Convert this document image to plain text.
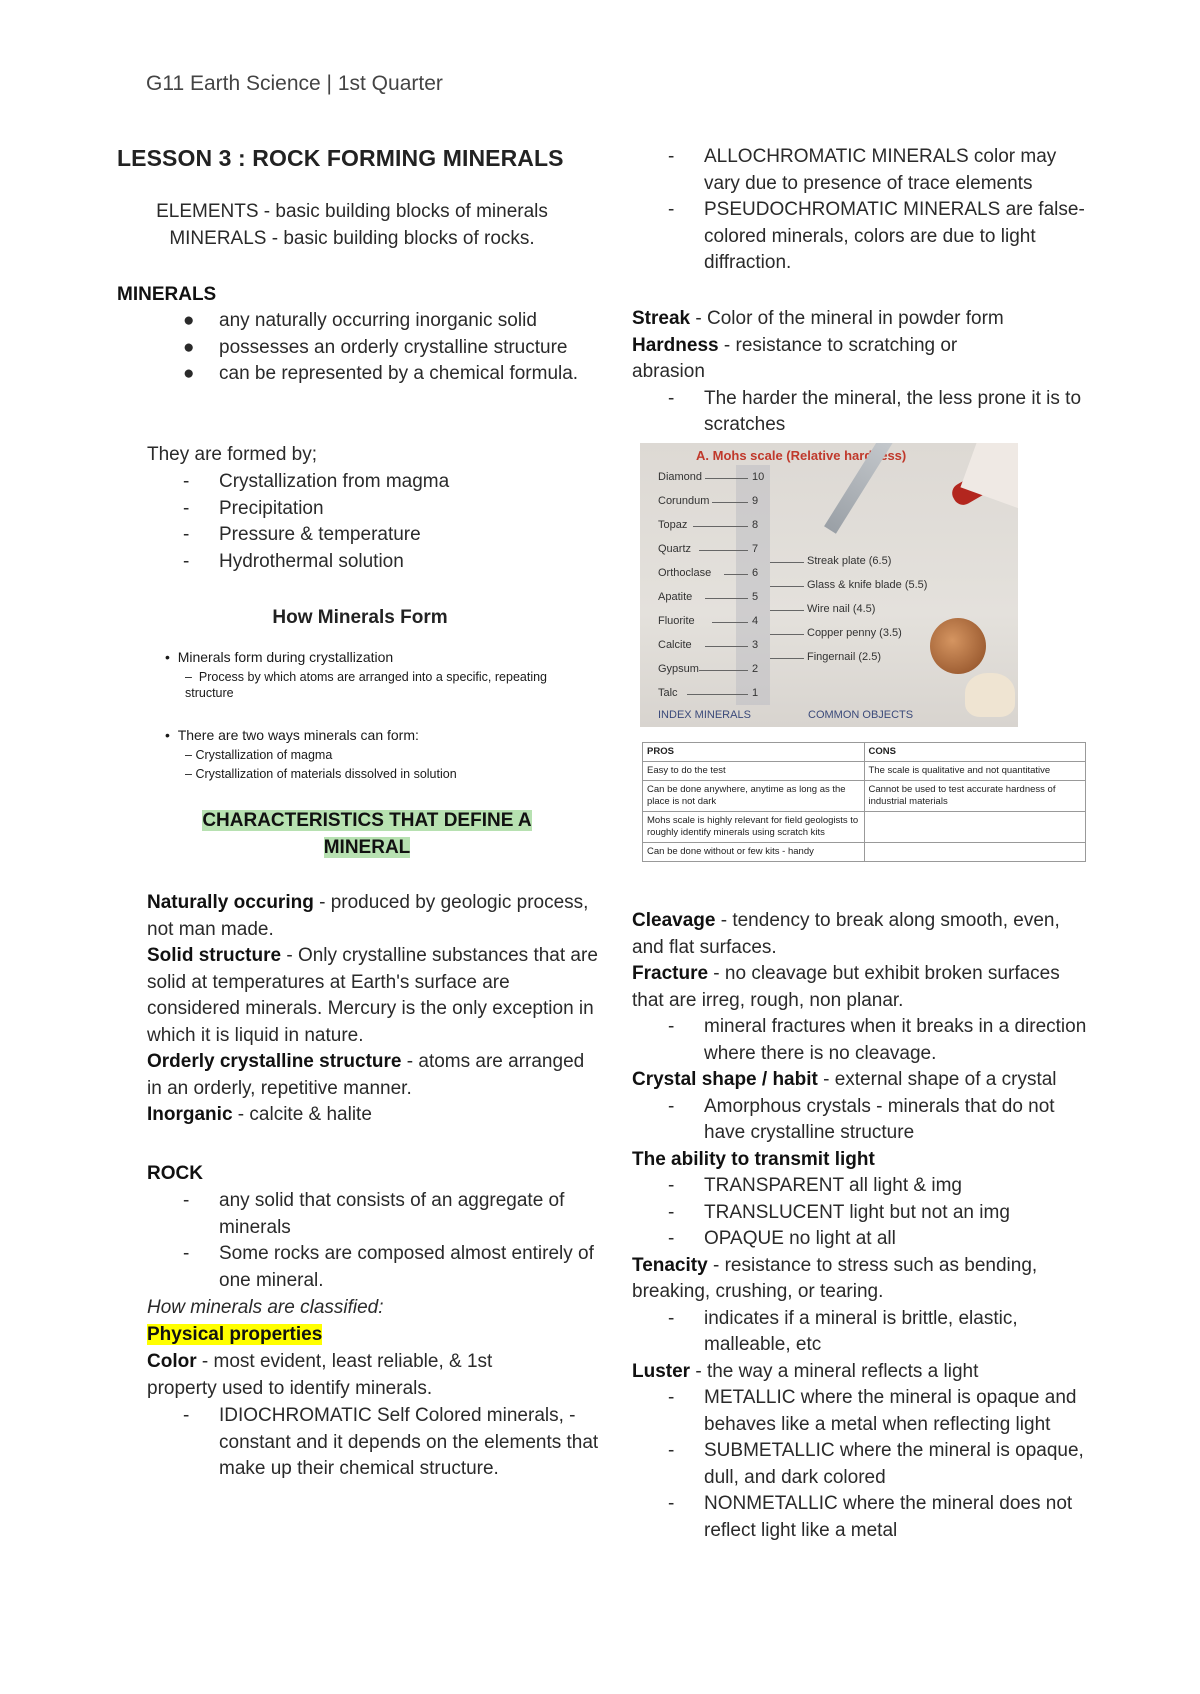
G11 Earth Science | 1st Quarter
LESSON 3 : ROCK FORMING MINERALS
ELEMENTS - basic building blocks of minerals
MINERALS - basic building blocks of rocks.
MINERALS
● any naturally occurring inorganic solid
● possesses an orderly crystalline structure
● can be represented by a chemical formula.
They are formed by;
- Crystallization from magma
- Precipitation
- Pressure & temperature
- Hydrothermal solution
How Minerals Form
•  Minerals form during crystallization
–  Process by which atoms are arranged into a specific, repeating structure
•  There are two ways minerals can form:
– Crystallization of magma
– Crystallization of materials dissolved in solution
CHARACTERISTICS THAT DEFINE A
MINERAL
Naturally occuring - produced by geologic process, not man made.
Solid structure - Only crystalline substances that are solid at temperatures at Earth's surface are considered minerals. Mercury is the only exception in which it is liquid in nature.
Orderly crystalline structure - atoms are arranged in an orderly, repetitive manner.
Inorganic - calcite & halite
ROCK
- any solid that consists of an aggregate of minerals
- Some rocks are composed almost entirely of one mineral.
How minerals are classified:
Physical properties
Color - most evident, least reliable, & 1st property used to identify minerals.
- IDIOCHROMATIC Self Colored minerals, -constant and it depends on the elements that make up their chemical structure.
- ALLOCHROMATIC MINERALS color may vary due to presence of trace elements
- PSEUDOCHROMATIC MINERALS are false-colored minerals, colors are due to light diffraction.
Streak - Color of the mineral in powder form
Hardness - resistance to scratching or abrasion
- The harder the mineral, the less prone it is to scratches
A. Mohs scale (Relative hardness)
Diamond	10
Corundum	9
Topaz	8
Quartz	7
Orthoclase	6
Apatite	5
Fluorite	4
Calcite	3
Gypsum	2
Talc	1
Streak plate (6.5)
Glass & knife blade (5.5)
Wire nail (4.5)
Copper penny (3.5)
Fingernail (2.5)
INDEX MINERALS	COMMON OBJECTS
PROS	CONS
Easy to do the test	The scale is qualitative and not quantitative
Can be done anywhere, anytime as long as the place is not dark	Cannot be used to test accurate hardness of industrial materials
Mohs scale is highly relevant for field geologists to roughly identify minerals using scratch kits	
Can be done without or few kits - handy	
Cleavage - tendency to break along smooth, even, and flat surfaces.
Fracture - no cleavage but exhibit broken surfaces that are irreg, rough, non planar.
- mineral fractures when it breaks in a direction where there is no cleavage.
Crystal shape / habit - external shape of a crystal
- Amorphous crystals - minerals that do not have crystalline structure
The ability to transmit light
- TRANSPARENT all light & img
- TRANSLUCENT light but not an img
- OPAQUE no light at all
Tenacity - resistance to stress such as bending, breaking, crushing, or tearing.
- indicates if a mineral is brittle, elastic, malleable, etc
Luster - the way a mineral reflects a light
- METALLIC where the mineral is opaque and behaves like a metal when reflecting light
- SUBMETALLIC where the mineral is opaque, dull, and dark colored
- NONMETALLIC where the mineral does not reflect light like a metal
